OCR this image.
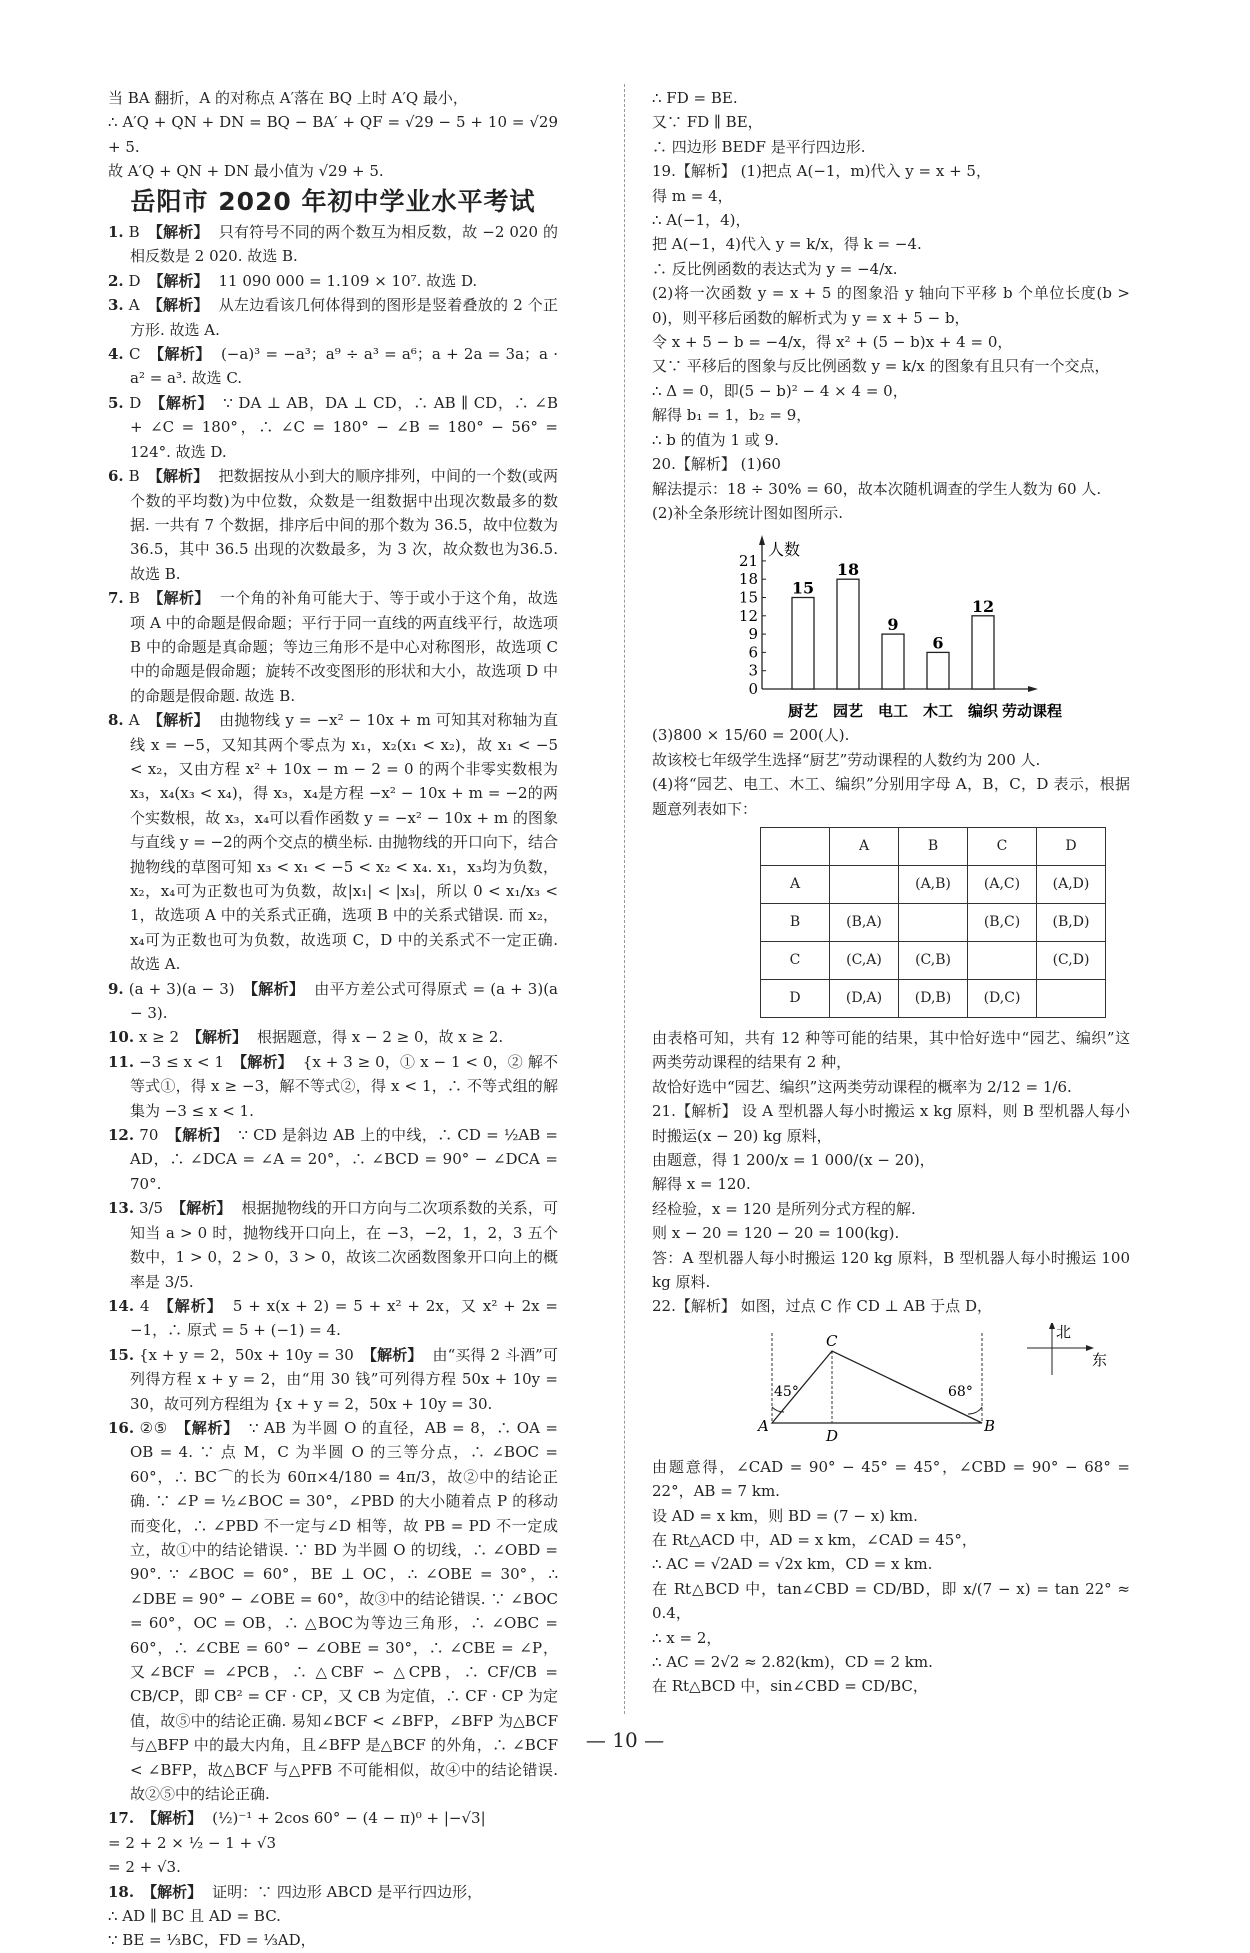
当 BA 翻折，A 的对称点 A′落在 BQ 上时 A′Q 最小，
∴ A′Q + QN + DN = BQ − BA′ + QF = √29 − 5 + 10 = √29 + 5.
故 A′Q + QN + DN 最小值为 √29 + 5.
岳阳市 2020 年初中学业水平考试
1. B 【解析】 只有符号不同的两个数互为相反数，故 −2 020 的相反数是 2 020. 故选 B.
2. D 【解析】 11 090 000 = 1.109 × 10⁷. 故选 D.
3. A 【解析】 从左边看该几何体得到的图形是竖着叠放的 2 个正方形. 故选 A.
4. C 【解析】 (−a)³ = −a³；a⁹ ÷ a³ = a⁶；a + 2a = 3a；a · a² = a³. 故选 C.
5. D 【解析】 ∵ DA ⊥ AB，DA ⊥ CD，∴ AB ∥ CD，∴ ∠B + ∠C = 180°，∴ ∠C = 180° − ∠B = 180° − 56° = 124°. 故选 D.
6. B 【解析】 把数据按从小到大的顺序排列，中间的一个数(或两个数的平均数)为中位数，众数是一组数据中出现次数最多的数据. 一共有 7 个数据，排序后中间的那个数为 36.5，故中位数为 36.5，其中 36.5 出现的次数最多，为 3 次，故众数也为36.5. 故选 B.
7. B 【解析】 一个角的补角可能大于、等于或小于这个角，故选项 A 中的命题是假命题；平行于同一直线的两直线平行，故选项 B 中的命题是真命题；等边三角形不是中心对称图形，故选项 C 中的命题是假命题；旋转不改变图形的形状和大小，故选项 D 中的命题是假命题. 故选 B.
8. A 【解析】 由抛物线 y = −x² − 10x + m 可知其对称轴为直线 x = −5，又知其两个零点为 x₁，x₂(x₁ < x₂)，故 x₁ < −5 < x₂，又由方程 x² + 10x − m − 2 = 0 的两个非零实数根为 x₃，x₄(x₃ < x₄)，得 x₃，x₄是方程 −x² − 10x + m = −2的两个实数根，故 x₃，x₄可以看作函数 y = −x² − 10x + m 的图象与直线 y = −2的两个交点的横坐标. 由抛物线的开口向下，结合抛物线的草图可知 x₃ < x₁ < −5 < x₂ < x₄. x₁，x₃均为负数，x₂，x₄可为正数也可为负数，故|x₁| < |x₃|，所以 0 < x₁/x₃ < 1，故选项 A 中的关系式正确，选项 B 中的关系式错误. 而 x₂，x₄可为正数也可为负数，故选项 C，D 中的关系式不一定正确. 故选 A.
9. (a + 3)(a − 3) 【解析】 由平方差公式可得原式 = (a + 3)(a − 3).
10. x ≥ 2 【解析】 根据题意，得 x − 2 ≥ 0，故 x ≥ 2.
11. −3 ≤ x < 1 【解析】 {x + 3 ≥ 0，① x − 1 < 0，② 解不等式①，得 x ≥ −3，解不等式②，得 x < 1，∴ 不等式组的解集为 −3 ≤ x < 1.
12. 70 【解析】 ∵ CD 是斜边 AB 上的中线，∴ CD = ½AB = AD，∴ ∠DCA = ∠A = 20°，∴ ∠BCD = 90° − ∠DCA = 70°.
13. 3/5 【解析】 根据抛物线的开口方向与二次项系数的关系，可知当 a > 0 时，抛物线开口向上，在 −3，−2，1，2，3 五个数中，1 > 0，2 > 0，3 > 0，故该二次函数图象开口向上的概率是 3/5.
14. 4 【解析】 5 + x(x + 2) = 5 + x² + 2x，又 x² + 2x = −1，∴ 原式 = 5 + (−1) = 4.
15. {x + y = 2，50x + 10y = 30 【解析】 由“买得 2 斗酒”可列得方程 x + y = 2，由“用 30 钱”可列得方程 50x + 10y = 30，故可列方程组为 {x + y = 2，50x + 10y = 30.
16. ②⑤ 【解析】 ∵ AB 为半圆 O 的直径，AB = 8，∴ OA = OB = 4. ∵ 点 M，C 为半圆 O 的三等分点，∴ ∠BOC = 60°，∴ BC⌒的长为 60π×4/180 = 4π/3，故②中的结论正确. ∵ ∠P = ½∠BOC = 30°，∠PBD 的大小随着点 P 的移动而变化，∴ ∠PBD 不一定与∠D 相等，故 PB = PD 不一定成立，故①中的结论错误. ∵ BD 为半圆 O 的切线，∴ ∠OBD = 90°. ∵ ∠BOC = 60°，BE ⊥ OC，∴ ∠OBE = 30°，∴ ∠DBE = 90° − ∠OBE = 60°，故③中的结论错误. ∵ ∠BOC = 60°，OC = OB，∴ △BOC为等边三角形，∴ ∠OBC = 60°，∴ ∠CBE = 60° − ∠OBE = 30°，∴ ∠CBE = ∠P，又∠BCF = ∠PCB，∴ △CBF ∽ △CPB，∴ CF/CB = CB/CP，即 CB² = CF · CP，又 CB 为定值，∴ CF · CP 为定值，故⑤中的结论正确. 易知∠BCF < ∠BFP，∠BFP 为△BCF 与△BFP 中的最大内角，且∠BFP 是△BCF 的外角，∴ ∠BCF < ∠BFP，故△BCF 与△PFB 不可能相似，故④中的结论错误. 故②⑤中的结论正确.
17. 【解析】 (½)⁻¹ + 2cos 60° − (4 − π)⁰ + |−√3|
= 2 + 2 × ½ − 1 + √3
= 2 + √3.
18. 【解析】 证明：∵ 四边形 ABCD 是平行四边形，
∴ AD ∥ BC 且 AD = BC.
∵ BE = ⅓BC，FD = ⅓AD，
∴ FD = BE.
又∵ FD ∥ BE，
∴ 四边形 BEDF 是平行四边形.
19.【解析】 (1)把点 A(−1，m)代入 y = x + 5，
得 m = 4，
∴ A(−1，4)，
把 A(−1，4)代入 y = k/x，得 k = −4.
∴ 反比例函数的表达式为 y = −4/x.
(2)将一次函数 y = x + 5 的图象沿 y 轴向下平移 b 个单位长度(b > 0)，则平移后函数的解析式为 y = x + 5 − b，
令 x + 5 − b = −4/x，得 x² + (5 − b)x + 4 = 0，
又∵ 平移后的图象与反比例函数 y = k/x 的图象有且只有一个交点，
∴ Δ = 0，即(5 − b)² − 4 × 4 = 0，
解得 b₁ = 1，b₂ = 9，
∴ b 的值为 1 或 9.
20.【解析】 (1)60
解法提示：18 ÷ 30% = 60，故本次随机调查的学生人数为 60 人.
(2)补全条形统计图如图所示.
人数
劳动课程
0
3
6
9
12
15
18
21
15
厨艺
18
园艺
9
电工
6
木工
12
编织
(3)800 × 15/60 = 200(人).
故该校七年级学生选择“厨艺”劳动课程的人数约为 200 人.
(4)将“园艺、电工、木工、编织”分别用字母 A，B，C，D 表示，根据题意列表如下：
	A	B	C	D
A		(A,B)	(A,C)	(A,D)
B	(B,A)		(B,C)	(B,D)
C	(C,A)	(C,B)		(C,D)
D	(D,A)	(D,B)	(D,C)	
由表格可知，共有 12 种等可能的结果，其中恰好选中“园艺、编织”这两类劳动课程的结果有 2 种，
故恰好选中“园艺、编织”这两类劳动课程的概率为 2/12 = 1/6.
21.【解析】 设 A 型机器人每小时搬运 x kg 原料，则 B 型机器人每小时搬运(x − 20) kg 原料，
由题意，得 1 200/x = 1 000/(x − 20)，
解得 x = 120.
经检验，x = 120 是所列分式方程的解.
则 x − 20 = 120 − 20 = 100(kg).
答：A 型机器人每小时搬运 120 kg 原料，B 型机器人每小时搬运 100 kg 原料.
22.【解析】 如图，过点 C 作 CD ⊥ AB 于点 D，
A	B
C
D
45°	68°
北
东
由题意得，∠CAD = 90° − 45° = 45°，∠CBD = 90° − 68° = 22°，AB = 7 km.
设 AD = x km，则 BD = (7 − x) km.
在 Rt△ACD 中，AD = x km，∠CAD = 45°，
∴ AC = √2AD = √2x km，CD = x km.
在 Rt△BCD 中，tan∠CBD = CD/BD，即 x/(7 − x) = tan 22° ≈ 0.4，
∴ x = 2，
∴ AC = 2√2 ≈ 2.82(km)，CD = 2 km.
在 Rt△BCD 中，sin∠CBD = CD/BC，
— 10 —
